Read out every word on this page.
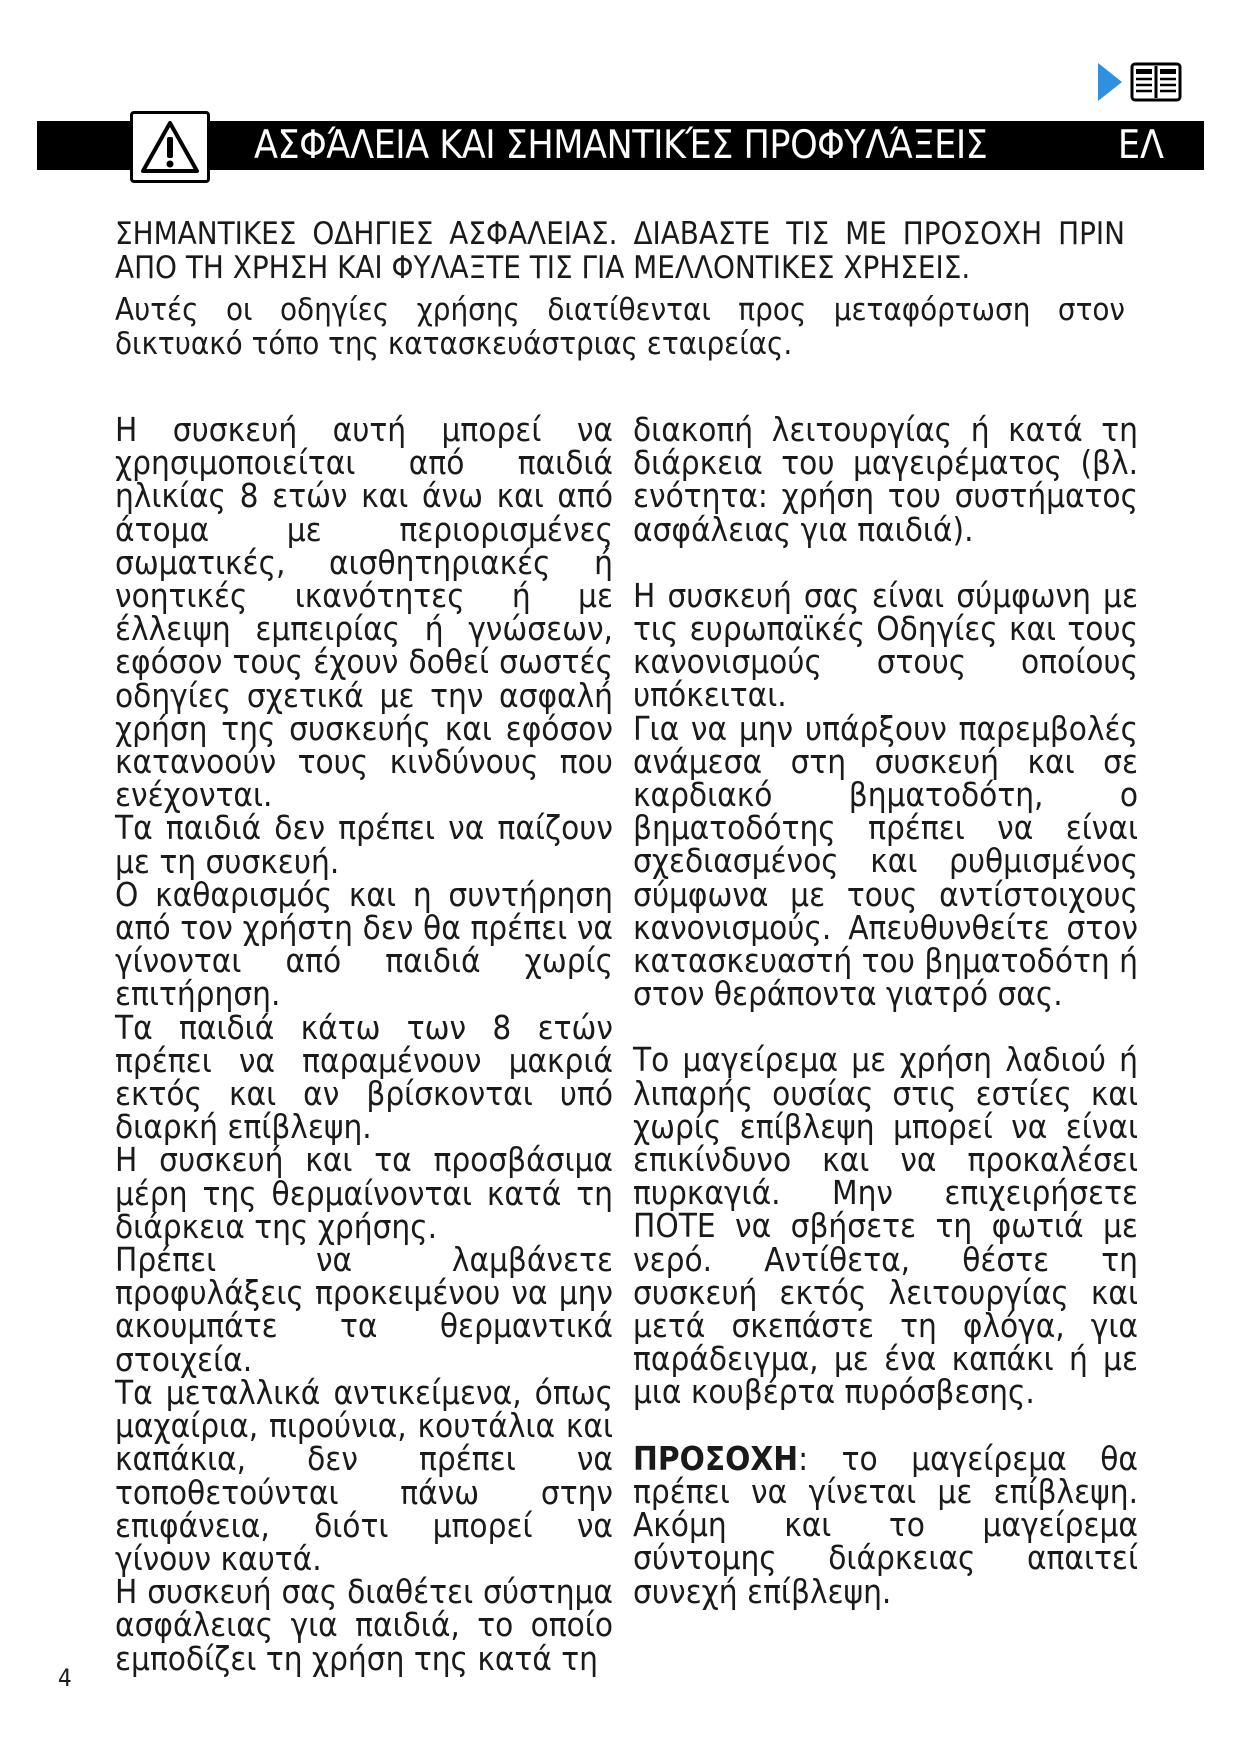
ΑΣΦΆΛΕΙΑ ΚΑΙ ΣΗΜΑΝΤΙΚΈΣ ΠΡΟΦΥΛΆΞΕΙΣ	ΕΛ

ΣΗΜΑΝΤΙΚΕΣ ΟΔΗΓΙΕΣ ΑΣΦΑΛΕΙΑΣ. ΔΙΑΒΑΣΤΕ ΤΙΣ ΜΕ ΠΡΟΣΟΧΗ ΠΡΙΝ ΑΠΟ ΤΗ ΧΡΗΣΗ ΚΑΙ ΦΥΛΑΞΤΕ ΤΙΣ ΓΙΑ ΜΕΛΛΟΝΤΙΚΕΣ ΧΡΗΣΕΙΣ.

Αυτές οι οδηγίες χρήσης διατίθενται προς μεταφόρτωση στον δικτυακό τόπο της κατασκευάστριας εταιρείας.

Η συσκευή αυτή μπορεί να χρησιμοποιείται από παιδιά ηλικίας 8 ετών και άνω και από άτομα με περιορισμένες σωματικές, αισθητηριακές ή νοητικές ικανότητες ή με έλλειψη εμπειρίας ή γνώσεων, εφόσον τους έχουν δοθεί σωστές οδηγίες σχετικά με την ασφαλή χρήση της συσκευής και εφόσον κατανοούν τους κινδύνους που ενέχονται.

Τα παιδιά δεν πρέπει να παίζουν με τη συσκευή.

Ο καθαρισμός και η συντήρηση από τον χρήστη δεν θα πρέπει να γίνονται από παιδιά χωρίς επιτήρηση.

Τα παιδιά κάτω των 8 ετών πρέπει να παραμένουν μακριά εκτός και αν βρίσκονται υπό διαρκή επίβλεψη.

Η συσκευή και τα προσβάσιμα μέρη της θερμαίνονται κατά τη διάρκεια της χρήσης.

Πρέπει να λαμβάνετε προφυλάξεις προκειμένου να μην ακουμπάτε τα θερμαντικά στοιχεία.

Τα μεταλλικά αντικείμενα, όπως μαχαίρια, πιρούνια, κουτάλια και καπάκια, δεν πρέπει να τοποθετούνται πάνω στην επιφάνεια, διότι μπορεί να γίνουν καυτά.

Η συσκευή σας διαθέτει σύστημα ασφάλειας για παιδιά, το οποίο εμποδίζει τη χρήση της κατά τη

διακοπή λειτουργίας ή κατά τη διάρκεια του μαγειρέματος (βλ. ενότητα: χρήση του συστήματος ασφάλειας για παιδιά).

Η συσκευή σας είναι σύμφωνη με τις ευρωπαϊκές Οδηγίες και τους κανονισμούς στους οποίους υπόκειται.

Για να μην υπάρξουν παρεμβολές ανάμεσα στη συσκευή και σε καρδιακό βηματοδότη, ο βηματοδότης πρέπει να είναι σχεδιασμένος και ρυθμισμένος σύμφωνα με τους αντίστοιχους κανονισμούς. Απευθυνθείτε στον κατασκευαστή του βηματοδότη ή στον θεράποντα γιατρό σας.

Το μαγείρεμα με χρήση λαδιού ή λιπαρής ουσίας στις εστίες και χωρίς επίβλεψη μπορεί να είναι επικίνδυνο και να προκαλέσει πυρκαγιά. Μην επιχειρήσετε ΠΟΤΕ να σβήσετε τη φωτιά με νερό. Αντίθετα, θέστε τη συσκευή εκτός λειτουργίας και μετά σκεπάστε τη φλόγα, για παράδειγμα, με ένα καπάκι ή με μια κουβέρτα πυρόσβεσης.

ΠΡΟΣΟΧΗ: το μαγείρεμα θα πρέπει να γίνεται με επίβλεψη. Ακόμη και το μαγείρεμα σύντομης διάρκειας απαιτεί συνεχή επίβλεψη.

4
